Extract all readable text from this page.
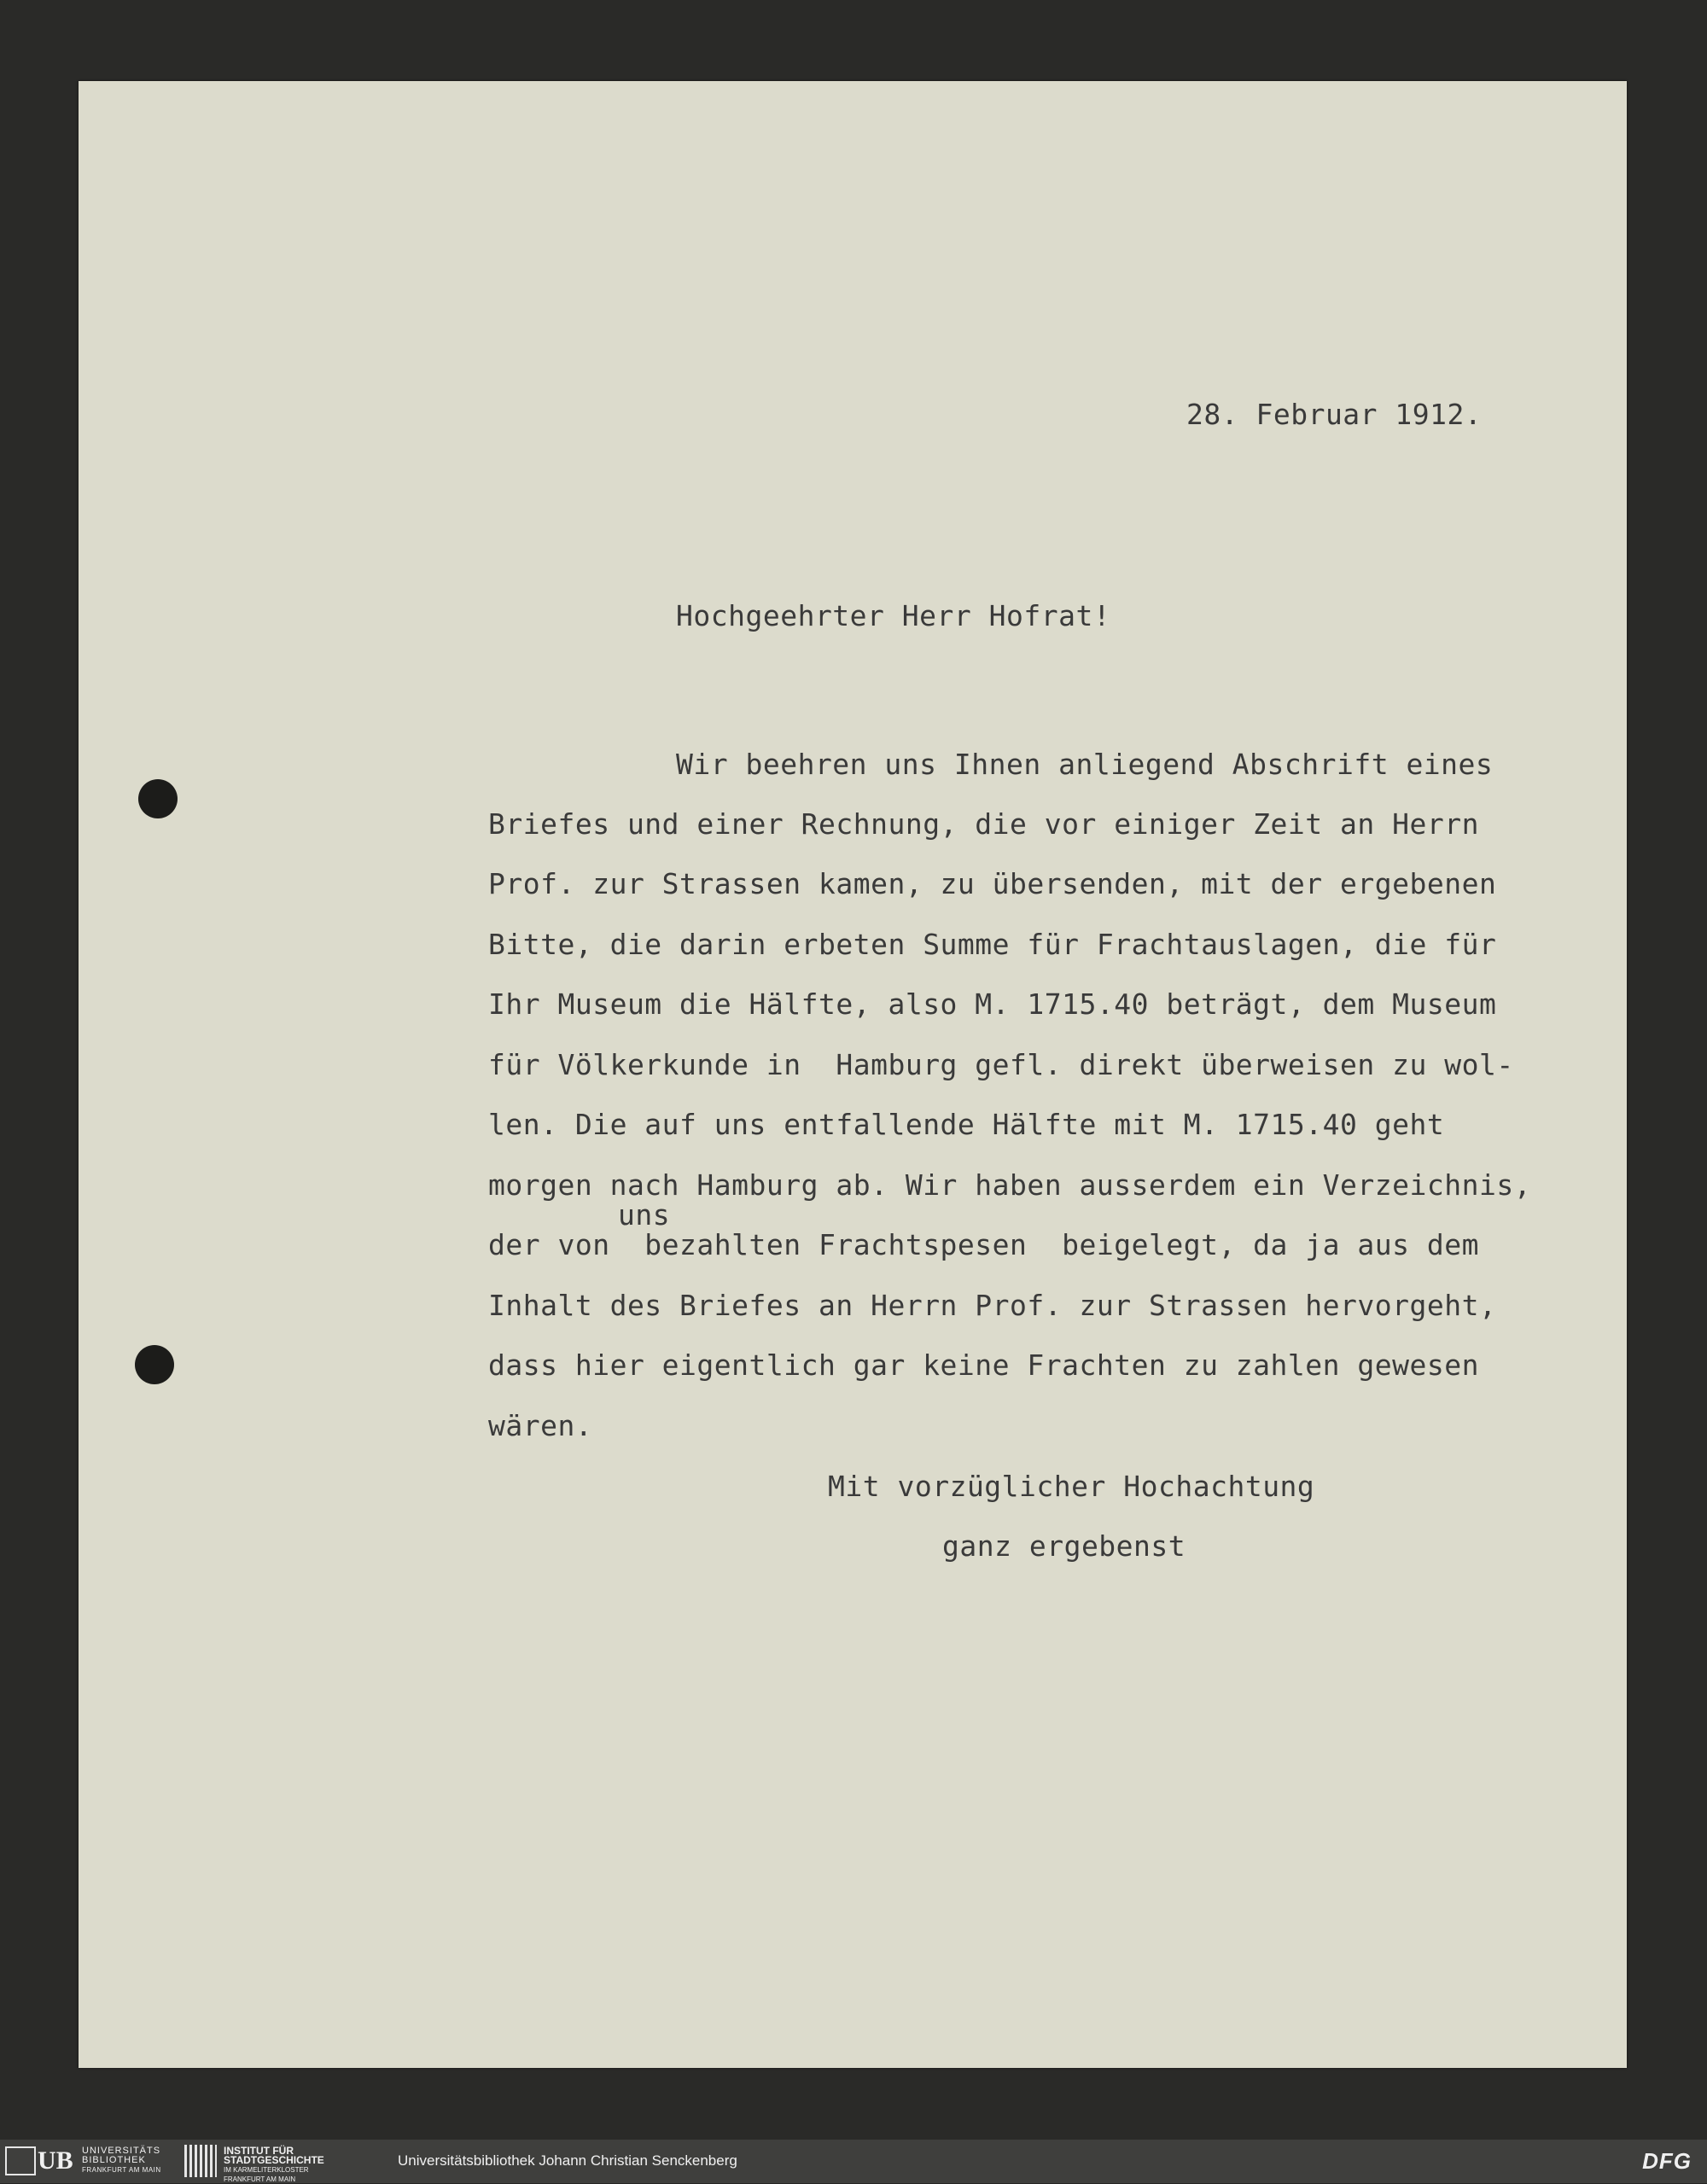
28. Februar 1912.
Hochgeehrter Herr Hofrat!
Wir beehren uns Ihnen anliegend Abschrift eines
Briefes und einer Rechnung, die vor einiger Zeit an Herrn
Prof. zur Strassen kamen, zu übersenden, mit der ergebenen
Bitte, die darin erbeten Summe für Frachtauslagen, die für
Ihr Museum die Hälfte, also M. 1715.40 beträgt, dem Museum
für Völkerkunde in  Hamburg gefl. direkt überweisen zu wol-
len. Die auf uns entfallende Hälfte mit M. 1715.40 geht
morgen nach Hamburg ab. Wir haben ausserdem ein Verzeichnis,
uns
der von  bezahlten Frachtspesen  beigelegt, da ja aus dem
Inhalt des Briefes an Herrn Prof. zur Strassen hervorgeht,
dass hier eigentlich gar keine Frachten zu zahlen gewesen
wären.
Mit vorzüglicher Hochachtung
ganz ergebenst
UB UNIVERSITÄTS
BIBLIOTHEK
FRANKFURT AM MAIN
INSTITUT FÜR
STADTGESCHICHTE
IM KARMELITERKLOSTER
FRANKFURT AM MAIN
Universitätsbibliothek Johann Christian Senckenberg	DFG
